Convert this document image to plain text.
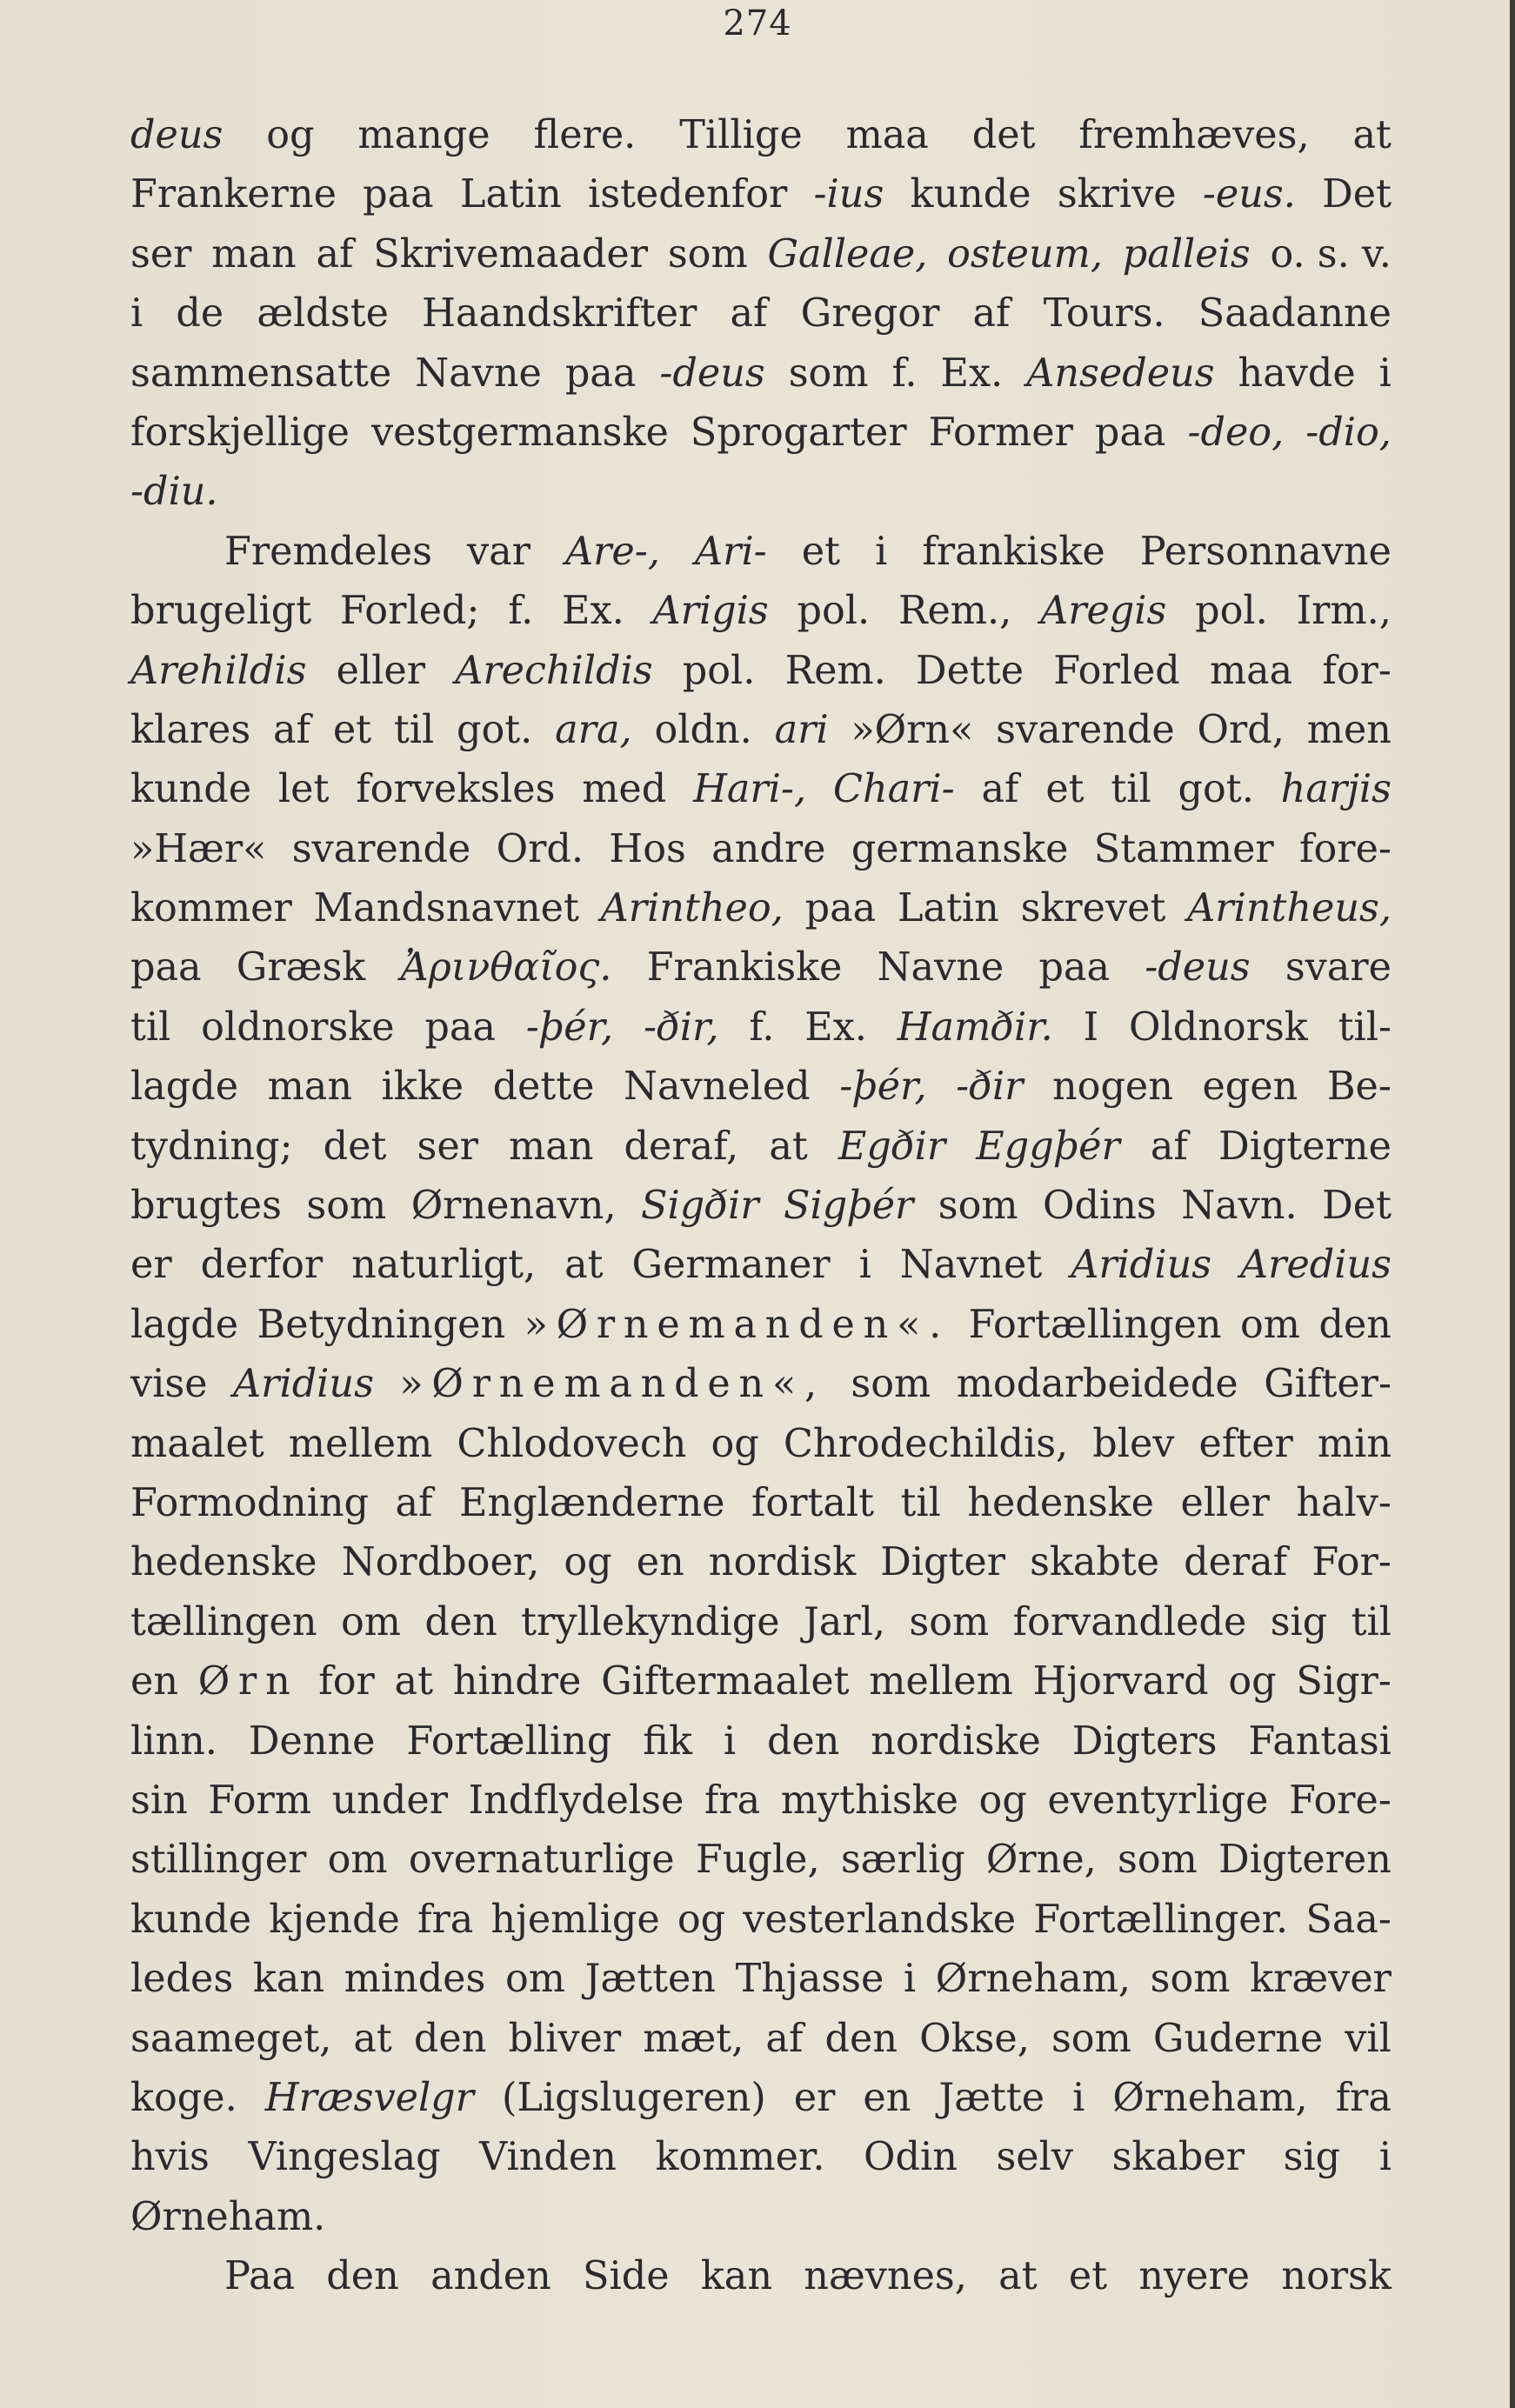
274
deus og mange flere. Tillige maa det fremhæves, at
Frankerne paa Latin istedenfor -ius kunde skrive -eus. Det
ser man af Skrivemaader som Galleae, osteum, palleis o. s. v.
i de ældste Haandskrifter af Gregor af Tours. Saadanne
sammensatte Navne paa -deus som f. Ex. Ansedeus havde i
forskjellige vestgermanske Sprogarter Former paa -deo, -dio,
-diu.
Fremdeles var Are-, Ari- et i frankiske Personnavne
brugeligt Forled; f. Ex. Arigis pol. Rem., Aregis pol. Irm.,
Arehildis eller Arechildis pol. Rem. Dette Forled maa for-
klares af et til got. ara, oldn. ari »Ørn« svarende Ord, men
kunde let forveksles med Hari-, Chari- af et til got. harjis
»Hær« svarende Ord. Hos andre germanske Stammer fore-
kommer Mandsnavnet Arintheo, paa Latin skrevet Arintheus,
paa Græsk Ἀρινθαῖος. Frankiske Navne paa -deus svare
til oldnorske paa -þér, -ðir, f. Ex. Hamðir. I Oldnorsk til-
lagde man ikke dette Navneled -þér, -ðir nogen egen Be-
tydning; det ser man deraf, at Egðir Eggþér af Digterne
brugtes som Ørnenavn, Sigðir Sigþér som Odins Navn. Det
er derfor naturligt, at Germaner i Navnet Aridius Aredius
lagde Betydningen »Ørnemanden«. Fortællingen om den
vise Aridius »Ørnemanden«, som modarbeidede Gifter-
maalet mellem Chlodovech og Chrodechildis, blev efter min
Formodning af Englænderne fortalt til hedenske eller halv-
hedenske Nordboer, og en nordisk Digter skabte deraf For-
tællingen om den tryllekyndige Jarl, som forvandlede sig til
en Ørn for at hindre Giftermaalet mellem Hjorvard og Sigr-
linn. Denne Fortælling fik i den nordiske Digters Fantasi
sin Form under Indflydelse fra mythiske og eventyrlige Fore-
stillinger om overnaturlige Fugle, særlig Ørne, som Digteren
kunde kjende fra hjemlige og vesterlandske Fortællinger. Saa-
ledes kan mindes om Jætten Thjasse i Ørneham, som kræver
saameget, at den bliver mæt, af den Okse, som Guderne vil
koge. Hræsvelgr (Ligslugeren) er en Jætte i Ørneham, fra
hvis Vingeslag Vinden kommer. Odin selv skaber sig i
Ørneham.
Paa den anden Side kan nævnes, at et nyere norsk
